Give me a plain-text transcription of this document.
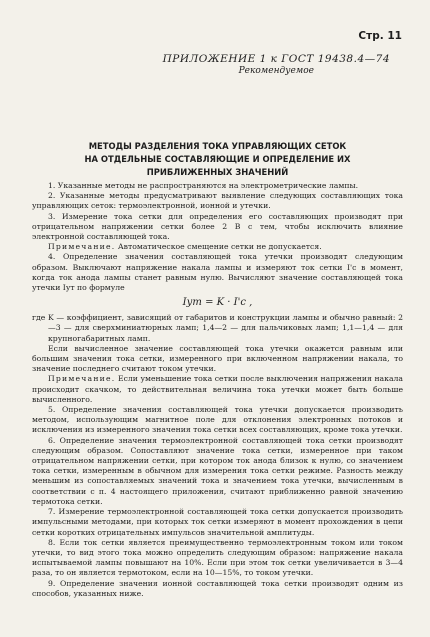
Стр. 11
ПРИЛОЖЕНИЕ 1 к ГОСТ 19438.4—74
Рекомендуемое
МЕТОДЫ РАЗДЕЛЕНИЯ ТОКА УПРАВЛЯЮЩИХ СЕТОК
НА ОТДЕЛЬНЫЕ СОСТАВЛЯЮЩИЕ И ОПРЕДЕЛЕНИЕ ИХ
ПРИБЛИЖЕННЫХ ЗНАЧЕНИЙ

1. Указанные методы не распространяются на электрометрические лампы.

2. Указанные методы предусматривают выявление следующих составляющих тока управляющих сеток: термоэлектронной, ионной и утечки.

3. Измерение тока сетки для определения его составляющих производят при отрицательном напряжении сетки более 2 В с тем, чтобы исключить влияние электронной составляющей тока.

Примечание. Автоматическое смещение сетки не допускается.

4. Определение значения составляющей тока утечки производят следующим образом. Выключают напряжение накала лампы и измеряют ток сетки I'c в момент, когда ток анода лампы станет равным нулю. Вычисляют значение составляющей тока утечки Iут по формуле

Iут = K · I'c ,

где K — коэффициент, зависящий от габаритов и конструкции лампы и обычно равный: 2—3 — для сверхминиатюрных ламп; 1,4—2 — для пальчиковых ламп; 1,1—1,4 — для крупногабаритных ламп.

Если вычисленное значение составляющей тока утечки окажется равным или большим значения тока сетки, измеренного при включенном напряжении накала, то значение последнего считают током утечки.

Примечание. Если уменьшение тока сетки после выключения напряжения накала происходит скачком, то действительная величина тока утечки может быть больше вычисленного.

5. Определение значения составляющей тока утечки допускается производить методом, использующим магнитное поле для отклонения электронных потоков и исключения из измеренного значения тока сетки всех составляющих, кроме тока утечки.

6. Определение значения термоэлектронной составляющей тока сетки производят следующим образом. Сопоставляют значение тока сетки, измеренное при таком отрицательном напряжении сетки, при котором ток анода близок к нулю, со значением тока сетки, измеренным в обычном для измерения тока сетки режиме. Разность между меньшим из сопоставляемых значений тока и значением тока утечки, вычисленным в соответствии с п. 4 настоящего приложения, считают приближенно равной значению термотока сетки.

7. Измерение термоэлектронной составляющей тока сетки допускается производить импульсными методами, при которых ток сетки измеряют в момент прохождения в цепи сетки коротких отрицательных импульсов значительной амплитуды.

8. Если ток сетки является преимущественно термоэлектронным током или током утечки, то вид этого тока можно определить следующим образом: напряжение накала испытываемой лампы повышают на 10%. Если при этом ток сетки увеличивается в 3—4 раза, то он является термотоком, если на 10—15%, то током утечки.

9. Определение значения ионной составляющей тока сетки производят одним из способов, указанных ниже.
